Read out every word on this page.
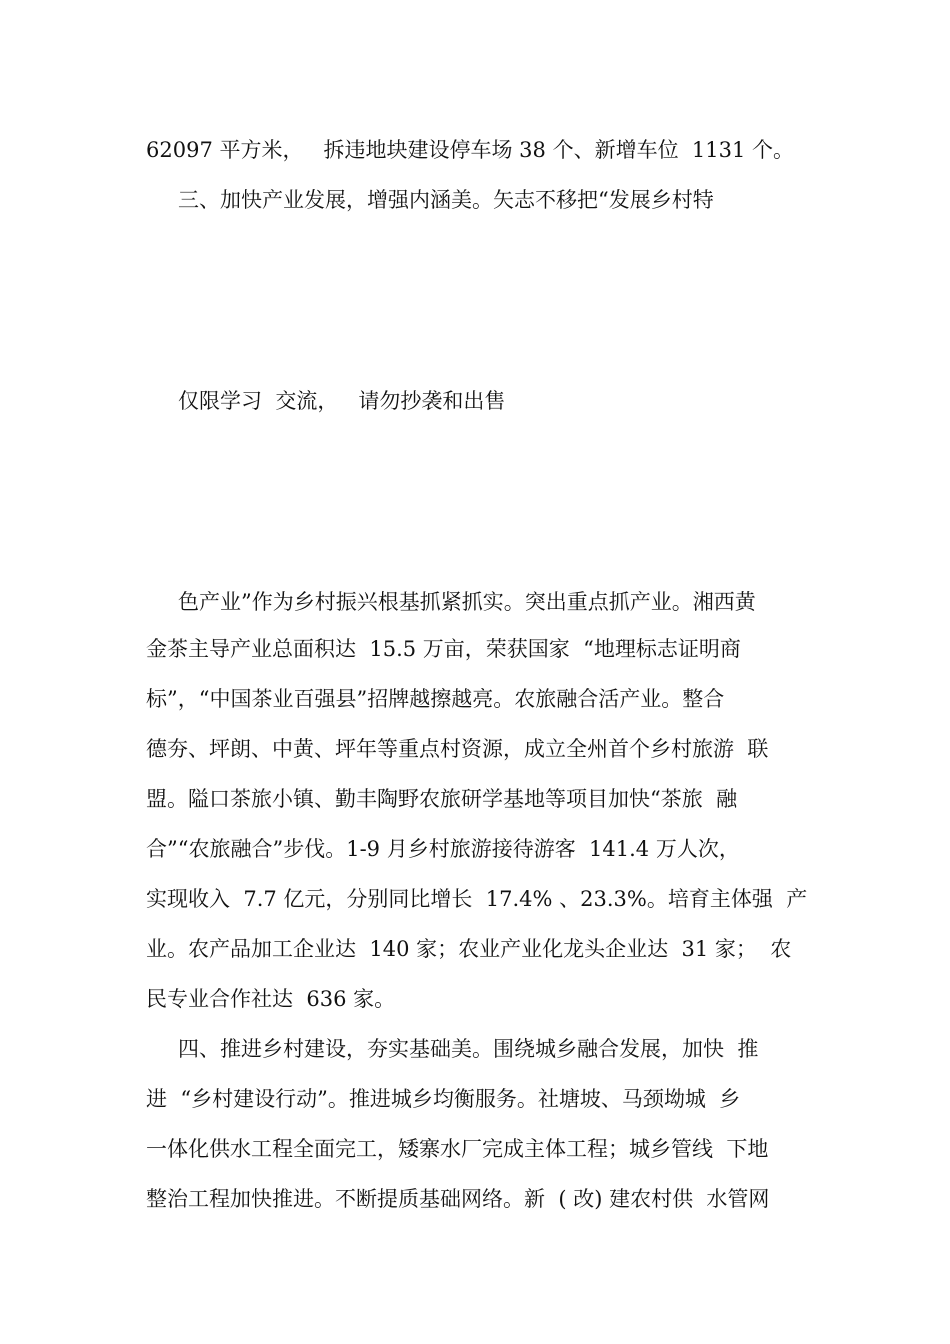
62097 平方米，   拆违地块建设停车场 38 个、新增车位  1131 个。

三、加快产业发展，增强内涵美。矢志不移把“发展乡村特

仅限学习  交流，   请勿抄袭和出售

色产业”作为乡村振兴根基抓紧抓实。突出重点抓产业。湘西黄

金茶主导产业总面积达  15.5 万亩，荣获国家  “地理标志证明商

标”，“中国茶业百强县”招牌越擦越亮。农旅融合活产业。整合

德夯、坪朗、中黄、坪年等重点村资源，成立全州首个乡村旅游  联

盟。隘口茶旅小镇、勤丰陶野农旅研学基地等项目加快“茶旅  融

合”“农旅融合”步伐。1-9 月乡村旅游接待游客  141.4 万人次，

实现收入  7.7 亿元，分别同比增长  17.4% 、23.3%。培育主体强  产

业。农产品加工企业达  140 家；农业产业化龙头企业达  31 家；  农

民专业合作社达  636 家。

四、推进乡村建设，夯实基础美。围绕城乡融合发展，加快  推

进  “乡村建设行动”。推进城乡均衡服务。社塘坡、马颈坳城  乡

一体化供水工程全面完工，矮寨水厂完成主体工程；城乡管线  下地

整治工程加快推进。不断提质基础网络。新  ( 改) 建农村供  水管网
